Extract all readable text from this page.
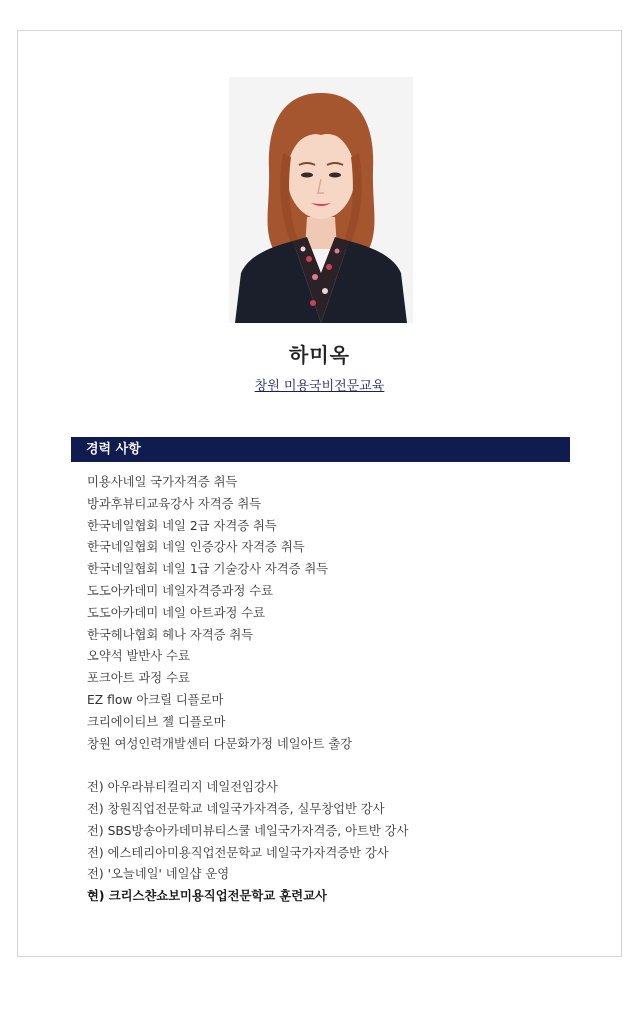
하미옥
창원 미용국비전문교육
경력 사항
미용사네일 국가자격증 취득
방과후뷰티교육강사 자격증 취득
한국네일협회 네일 2급 자격증 취득
한국네일협회 네일 인증강사 자격증 취득
한국네일협회 네일 1급 기술강사 자격증 취득
도도아카데미 네일자격증과정 수료
도도아카데미 네일 아트과정 수료
한국헤나협회 헤나 자격증 취득
오약석 발반사 수료
포크아트 과정 수료
EZ flow 아크릴 디플로마
크리에이티브 젤 디플로마
창원 여성인력개발센터 다문화가정 네일아트 출강
전) 아우라뷰티컬리지 네일전임강사
전) 창원직업전문학교 네일국가자격증, 실무창업반 강사
전) SBS방송아카데미뷰티스쿨 네일국가자격증, 아트반 강사
전) 에스테리아미용직업전문학교 네일국가자격증반 강사
전) '오늘네일' 네일샵 운영
현) 크리스챤쇼보미용직업전문학교 훈련교사
